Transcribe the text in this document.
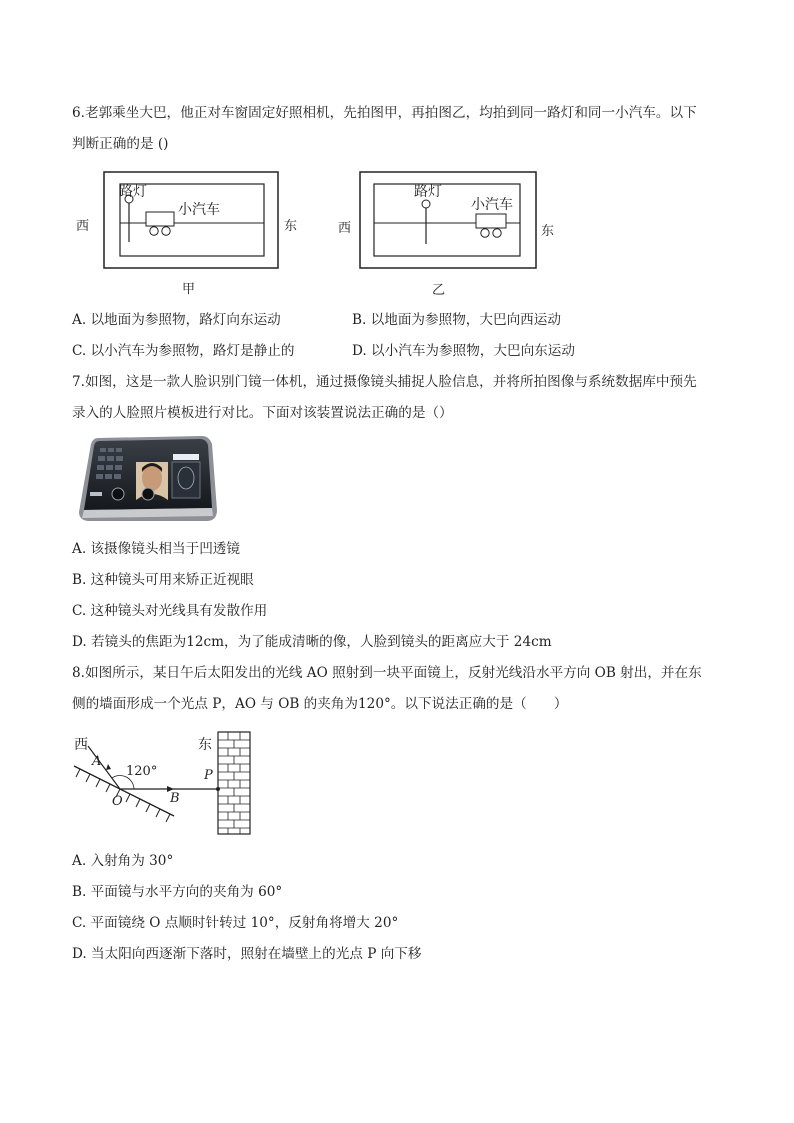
6.老郭乘坐大巴，他正对车窗固定好照相机，先拍图甲，再拍图乙，均拍到同一路灯和同一小汽车。以下
判断正确的是 ()
路灯
小汽车
西	东
甲
路灯
小汽车
西	东
乙
A. 以地面为参照物，路灯向东运动	B. 以地面为参照物，大巴向西运动
C. 以小汽车为参照物，路灯是静止的	D. 以小汽车为参照物，大巴向东运动
7.如图，这是一款人脸识别门镜一体机，通过摄像镜头捕捉人脸信息，并将所拍图像与系统数据库中预先
录入的人脸照片模板进行对比。下面对该装置说法正确的是（）
A. 该摄像镜头相当于凹透镜
B. 这种镜头可用来矫正近视眼
C. 这种镜头对光线具有发散作用
D. 若镜头的焦距为12cm，为了能成清晰的像，人脸到镜头的距离应大于 24cm
8.如图所示，某日午后太阳发出的光线 AO 照射到一块平面镜上，反射光线沿水平方向 OB 射出，并在东
侧的墙面形成一个光点 P，AO 与 OB 的夹角为120°。以下说法正确的是（　　）
西	东
A
120°
O	B
P
A. 入射角为 30°
B. 平面镜与水平方向的夹角为 60°
C. 平面镜绕 O 点顺时针转过 10°，反射角将增大 20°
D. 当太阳向西逐渐下落时，照射在墙壁上的光点 P 向下移
